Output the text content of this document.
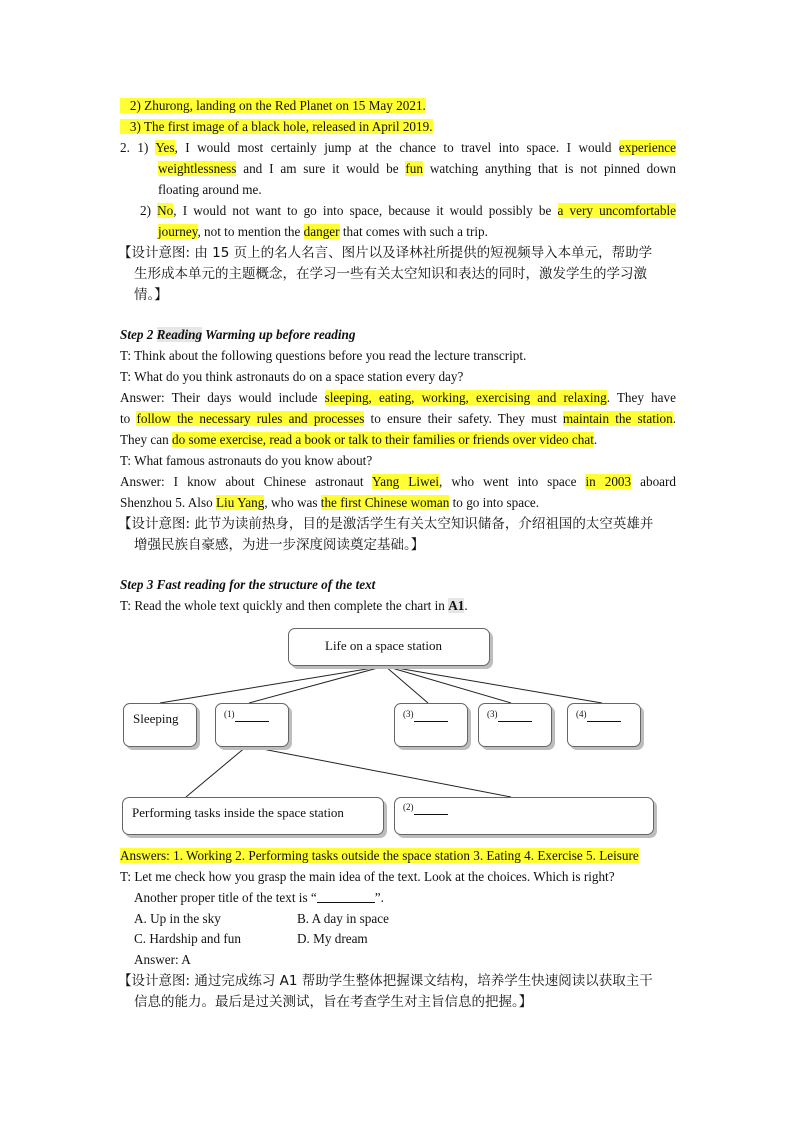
2) Zhurong, landing on the Red Planet on 15 May 2021.
3) The first image of a black hole, released in April 2019.
2. 1) Yes, I would most certainly jump at the chance to travel into space. I would experience
weightlessness and I am sure it would be fun watching anything that is not pinned down
floating around me.
2) No, I would not want to go into space, because it would possibly be a very uncomfortable
journey, not to mention the danger that comes with such a trip.
【设计意图: 由 15 页上的名人名言、图片以及译林社所提供的短视频导入本单元，帮助学
生形成本单元的主题概念，在学习一些有关太空知识和表达的同时，激发学生的学习激
情。】
Step 2 Reading Warming up before reading
T: Think about the following questions before you read the lecture transcript.
T: What do you think astronauts do on a space station every day?
Answer: Their days would include sleeping, eating, working, exercising and relaxing. They have
to follow the necessary rules and processes to ensure their safety. They must maintain the station.
They can do some exercise, read a book or talk to their families or friends over video chat.
T: What famous astronauts do you know about?
Answer: I know about Chinese astronaut Yang Liwei, who went into space in 2003 aboard
Shenzhou 5. Also Liu Yang, who was the first Chinese woman to go into space.
【设计意图: 此节为读前热身，目的是激活学生有关太空知识储备，介绍祖国的太空英雄并
增强民族自豪感，为进一步深度阅读奠定基础。】
Step 3 Fast reading for the structure of the text
T: Read the whole text quickly and then complete the chart in A1.
Life on a space station
Sleeping	$^{(1)}$	$^{(3)}$	$^{(3)}$	$^{(4)}$
Performing tasks inside the space station	$^{(2)}$
Answers: 1. Working 2. Performing tasks outside the space station 3. Eating 4. Exercise 5. Leisure
T: Let me check how you grasp the main idea of the text. Look at the choices. Which is right?
Another proper title of the text is “	”.
A. Up in the sky	B. A day in space
C. Hardship and fun	D. My dream
Answer: A
【设计意图: 通过完成练习 A1 帮助学生整体把握课文结构，培养学生快速阅读以获取主干
信息的能力。最后是过关测试，旨在考查学生对主旨信息的把握。】
